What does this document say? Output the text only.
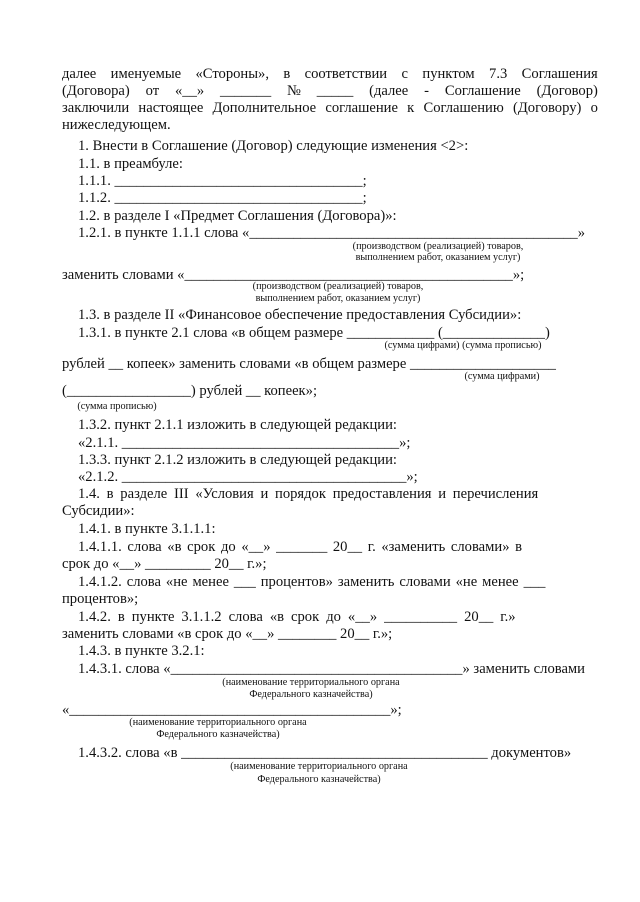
далее именуемые «Стороны», в соответствии с пунктом 7.3 Соглашения
(Договора) от «__» _______ № _____ (далее - Соглашение (Договор)
заключили настоящее Дополнительное соглашение к Соглашению (Договору) о
нижеследующем.
1. Внести в Соглашение (Договор) следующие изменения <2>:
1.1. в преамбуле:
1.1.1. __________________________________;
1.1.2. __________________________________;
1.2. в разделе I «Предмет Соглашения (Договора)»:
1.2.1. в пункте 1.1.1 слова «_____________________________________________»
(производством (реализацией) товаров,
выполнением работ, оказанием услуг)
заменить словами «_____________________________________________»;
(производством (реализацией) товаров,
выполнением работ, оказанием услуг)
1.3. в разделе II «Финансовое обеспечение предоставления Субсидии»:
1.3.1. в пункте 2.1 слова «в общем размере ____________ (______________)
(сумма цифрами) (сумма прописью)
рублей __ копеек» заменить словами «в общем размере ____________________
(сумма цифрами)
(_________________) рублей __ копеек»;
(сумма прописью)
1.3.2. пункт 2.1.1 изложить в следующей редакции:
«2.1.1. ______________________________________»;
1.3.3. пункт 2.1.2 изложить в следующей редакции:
«2.1.2. _______________________________________»;
1.4. в разделе III «Условия и порядок предоставления и перечисления
Субсидии»:
1.4.1. в пункте 3.1.1.1:
1.4.1.1. слова «в срок до «__» _______ 20__ г. «заменить словами» в
срок до «__» _________ 20__ г.»;
1.4.1.2. слова «не менее ___ процентов» заменить словами «не менее ___
процентов»;
1.4.2. в пункте 3.1.1.2 слова «в срок до «__» __________ 20__ г.»
заменить словами «в срок до «__» ________ 20__ г.»;
1.4.3. в пункте 3.2.1:
1.4.3.1. слова «________________________________________» заменить словами
(наименование территориального органа
Федерального казначейства)
«____________________________________________»;
(наименование территориального органа
Федерального казначейства)
1.4.3.2. слова «в __________________________________________ документов»
(наименование территориального органа
Федерального казначейства)
